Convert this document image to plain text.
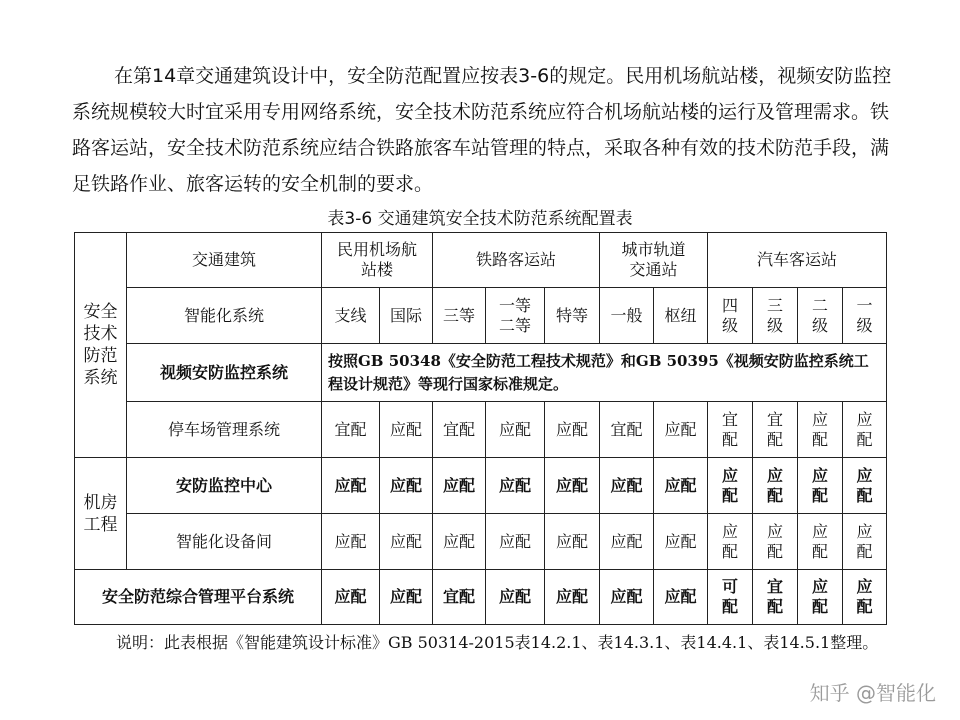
在第14章交通建筑设计中，安全防范配置应按表3-6的规定。民用机场航站楼，视频安防监控系统规模较大时宜采用专用网络系统，安全技术防范系统应符合机场航站楼的运行及管理需求。铁路客运站，安全技术防范系统应结合铁路旅客车站管理的特点，采取各种有效的技术防范手段，满足铁路作业、旅客运转的安全机制的要求。

表3-6 交通建筑安全技术防范系统配置表
安全技术防范系统	交通建筑	民用机场航站楼		铁路客运站			城市轨道交通站		汽车客运站			
	智能化系统	支线	国际	三等	一等二等	特等	一般	枢纽	四级	三级	二级	一级
	视频安防监控系统	按照GB 50348《安全防范工程技术规范》和GB 50395《视频安防监控系统工程设计规范》等现行国家标准规定。										
	停车场管理系统	宜配	应配	宜配	应配	应配	宜配	应配	宜配	宜配	应配	应配
机房工程	安防监控中心	应配	应配	应配	应配	应配	应配	应配	应配	应配	应配	应配
	智能化设备间	应配	应配	应配	应配	应配	应配	应配	应配	应配	应配	应配
安全防范综合管理平台系统		应配	应配	宜配	应配	应配	应配	应配	可配	宜配	应配	应配

说明：此表根据《智能建筑设计标准》GB 50314-2015表14.2.1、表14.3.1、表14.4.1、表14.5.1整理。

知乎 @智能化
